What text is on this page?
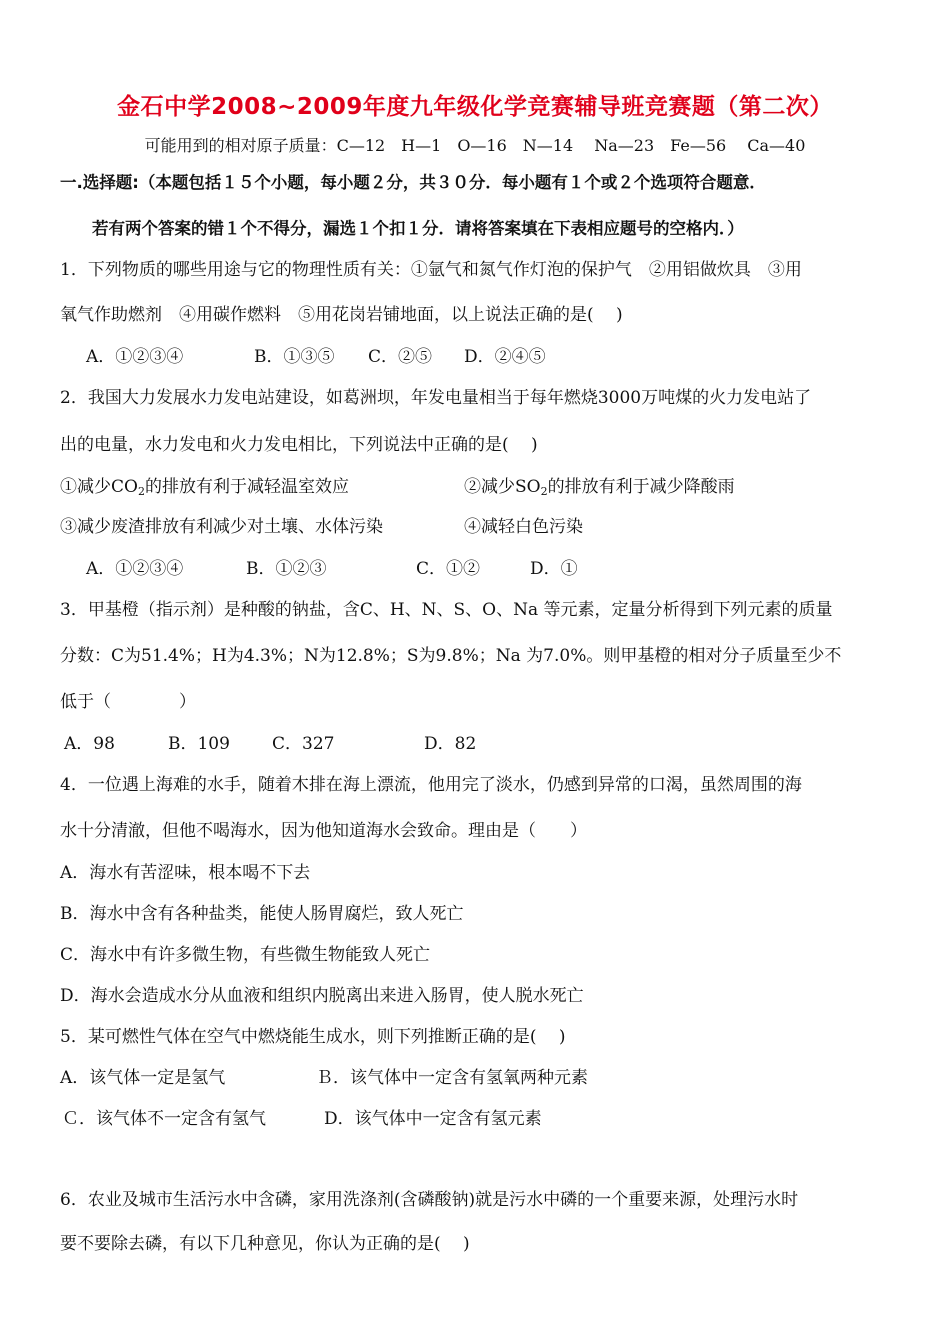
金石中学2008~2009年度九年级化学竞赛辅导班竞赛题（第二次）
可能用到的相对原子质量：C—12　H—1　O—16　N—14　 Na—23　Fe—56　 Ca—40
一.选择题:（本题包括１５个小题，每小题２分，共３０分．每小题有１个或２个选项符合题意．
若有两个答案的错１个不得分，漏选１个扣１分．请将答案填在下表相应题号的空格内．）
1．下列物质的哪些用途与它的物理性质有关：①氩气和氮气作灯泡的保护气　②用铝做炊具　③用
氧气作助燃剂　④用碳作燃料　⑤用花岗岩铺地面，以上说法正确的是(　 )
A．①②③④	B．①③⑤ C．②⑤ D．②④⑤
2．我国大力发展水力发电站建设，如葛洲坝，年发电量相当于每年燃烧3000万吨煤的火力发电站了
出的电量，水力发电和火力发电相比，下列说法中正确的是(　 )
①减少$CO_2$的排放有利于减轻温室效应	②减少$SO_2$的排放有利于减少降酸雨
③减少废渣排放有利减少对土壤、水体污染	④减轻白色污染
A．①②③④	B．①②③	C．①②	D．①
3．甲基橙（指示剂）是种酸的钠盐，含C、H、N、S、O、Na 等元素，定量分析得到下列元素的质量
分数：C为51.4%；H为4.3%；N为12.8%；S为9.8%；Na 为7.0%。则甲基橙的相对分子质量至少不
低于（　　　　）
A．98	B．109 C．327	D．82
4．一位遇上海难的水手，随着木排在海上漂流，他用完了淡水，仍感到异常的口渴，虽然周围的海
水十分清澈，但他不喝海水，因为他知道海水会致命。理由是（　　）
A．海水有苦涩味，根本喝不下去
B．海水中含有各种盐类，能使人肠胃腐烂，致人死亡
C．海水中有许多微生物，有些微生物能致人死亡
D．海水会造成水分从血液和组织内脱离出来进入肠胃，使人脱水死亡
5．某可燃性气体在空气中燃烧能生成水，则下列推断正确的是(　 )
A．该气体一定是氢气	Ｂ．该气体中一定含有氢氧两种元素
Ｃ．该气体不一定含有氢气	D．该气体中一定含有氢元素
6．农业及城市生活污水中含磷，家用洗涤剂(含磷酸钠)就是污水中磷的一个重要来源，处理污水时
要不要除去磷，有以下几种意见，你认为正确的是(　 )
